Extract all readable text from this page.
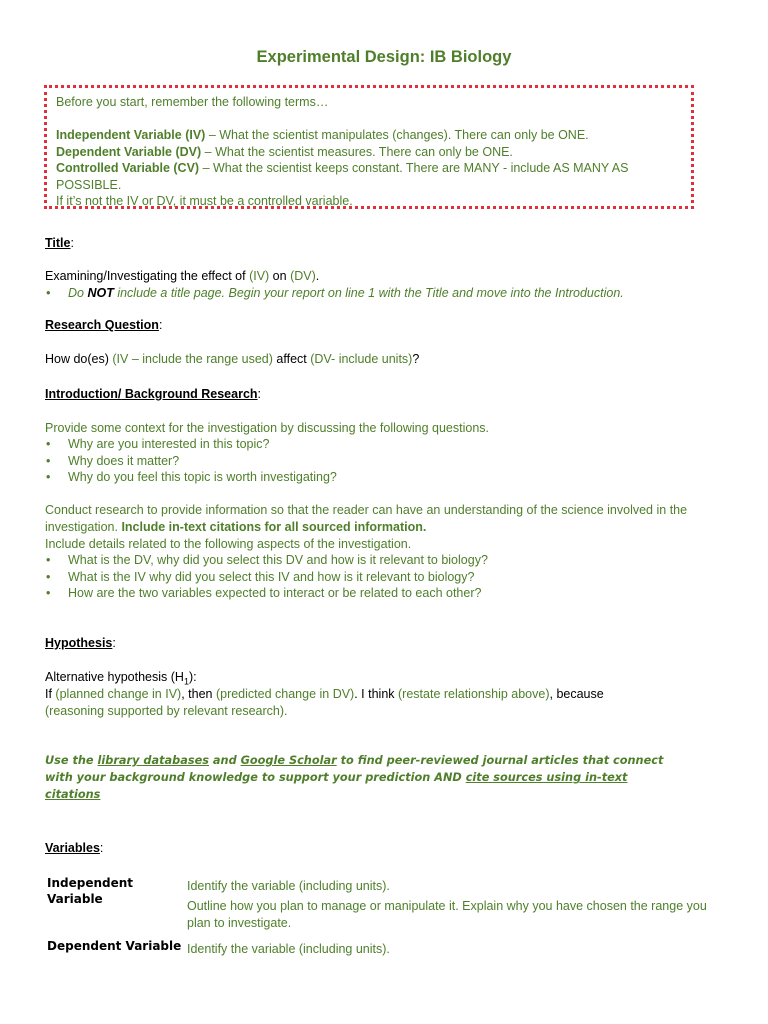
Experimental Design: IB Biology

Before you start, remember the following terms…

Independent Variable (IV) – What the scientist manipulates (changes). There can only be ONE.

Dependent Variable (DV) – What the scientist measures. There can only be ONE.

Controlled Variable (CV) – What the scientist keeps constant. There are MANY - include AS MANY AS POSSIBLE.

If it’s not the IV or DV, it must be a controlled variable.

Title:
Examining/Investigating the effect of (IV) on (DV).
• Do NOT include a title page. Begin your report on line 1 with the Title and move into the Introduction.
Research Question:
How do(es) (IV – include the range used) affect (DV- include units)?
Introduction/ Background Research:
Provide some context for the investigation by discussing the following questions.
• Why are you interested in this topic?
• Why does it matter?
• Why do you feel this topic is worth investigating?
Conduct research to provide information so that the reader can have an understanding of the science involved in the investigation. Include in-text citations for all sourced information.
Include details related to the following aspects of the investigation.
• What is the DV, why did you select this DV and how is it relevant to biology?
• What is the IV why did you select this IV and how is it relevant to biology?
• How are the two variables expected to interact or be related to each other?
Hypothesis:
Alternative hypothesis $(H_1)$:
If (planned change in IV), then (predicted change in DV). I think (restate relationship above), because
(reasoning supported by relevant research).
Use the library databases and Google Scholar to find peer-reviewed journal articles that connect with your background knowledge to support your prediction AND cite sources using in-text citations
Variables:
Independent Variable
Identify the variable (including units).
Outline how you plan to manage or manipulate it. Explain why you have chosen the range you plan to investigate.
Dependent Variable Identify the variable (including units).
